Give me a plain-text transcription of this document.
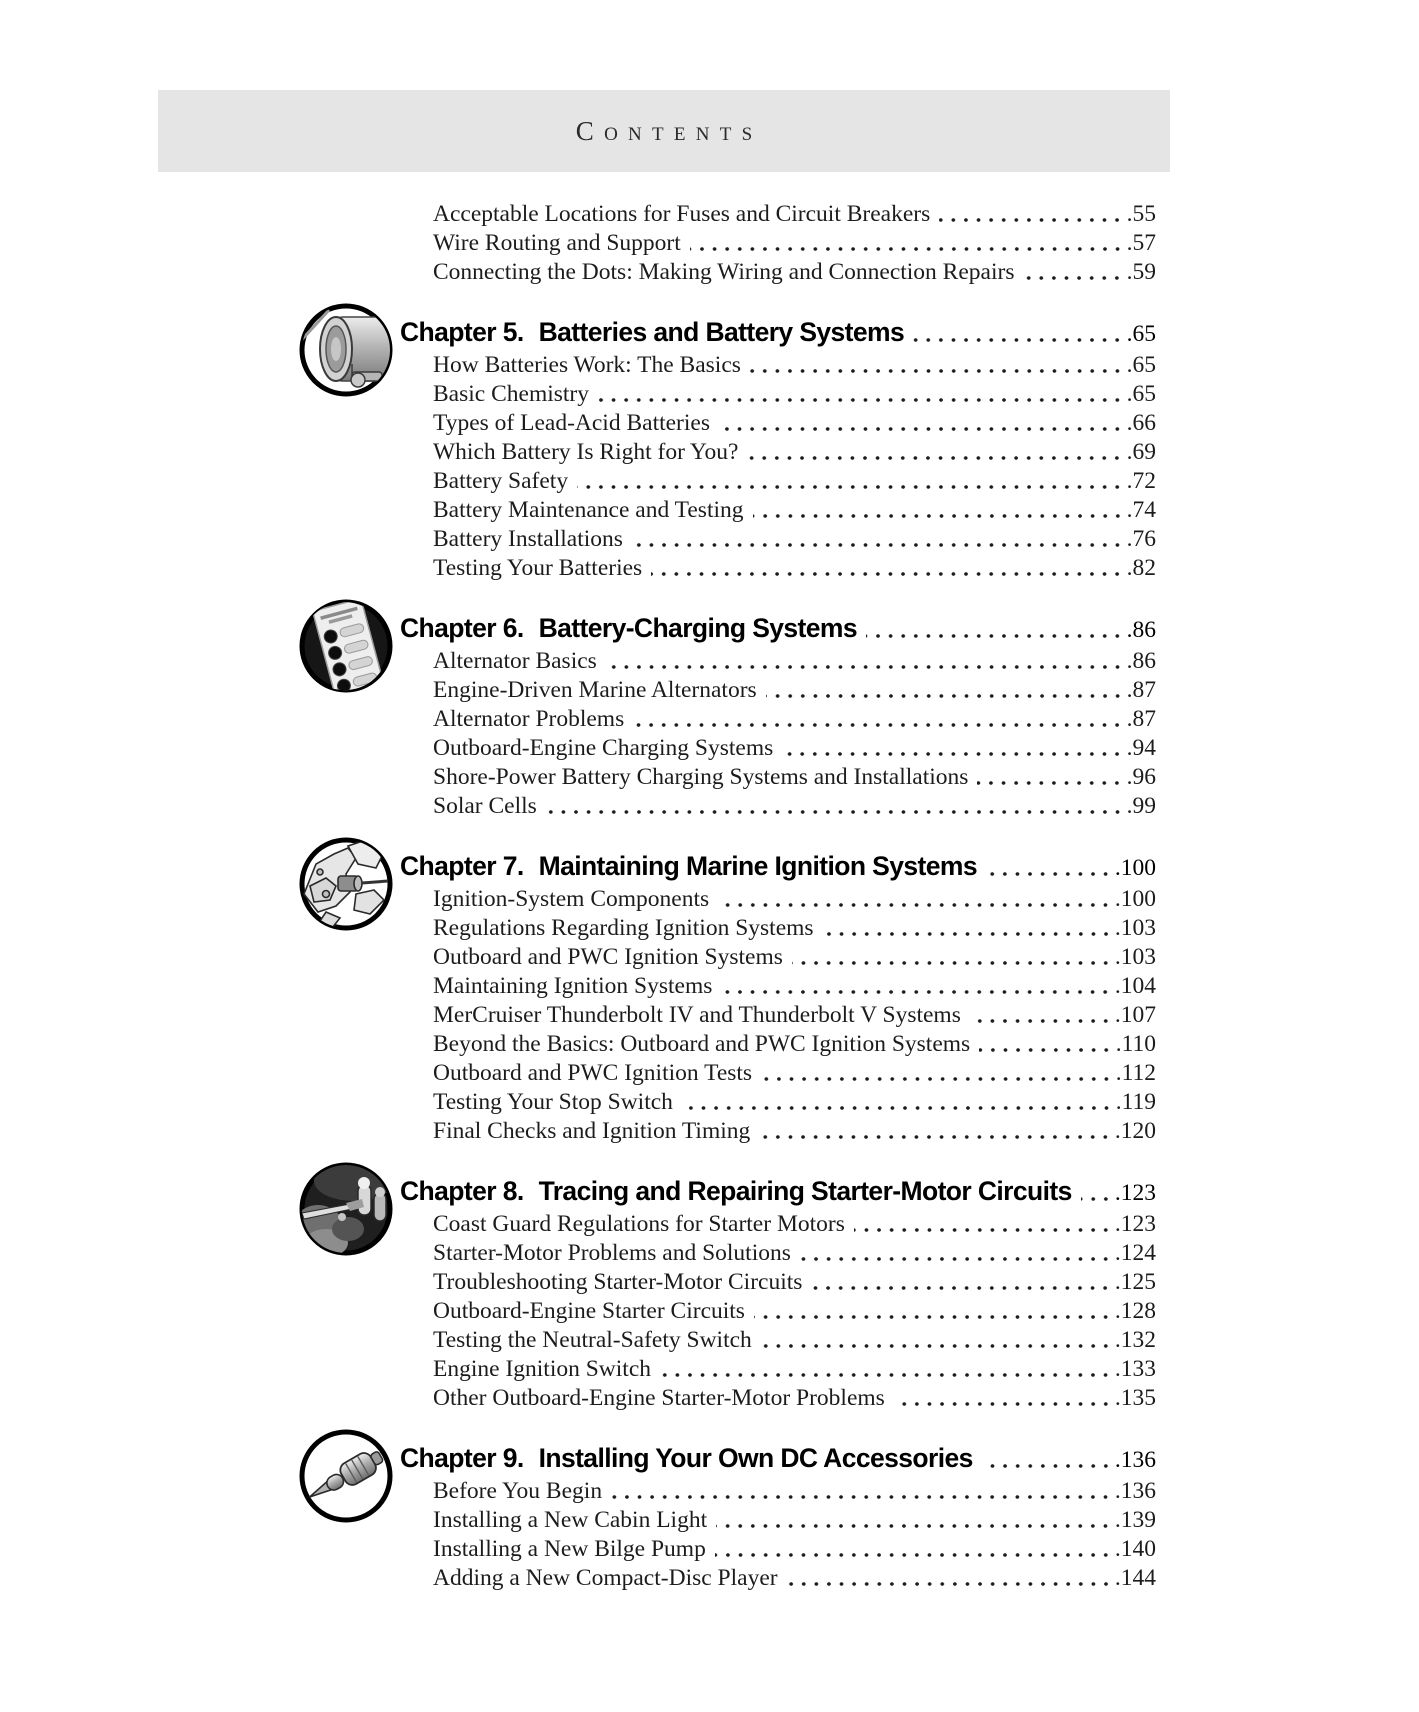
Contents
Acceptable Locations for Fuses and Circuit Breakers	. 55
Wire Routing and Support	. 57
Connecting the Dots: Making Wiring and Connection Repairs	. 59
Chapter 5. Batteries and Battery Systems	. 65
How Batteries Work: The Basics	. 65
Basic Chemistry	. 65
Types of Lead-Acid Batteries	. 66
Which Battery Is Right for You?	. 69
Battery Safety	. 72
Battery Maintenance and Testing	. 74
Battery Installations	. 76
Testing Your Batteries	. 82
Chapter 6. Battery-Charging Systems	. 86
Alternator Basics	. 86
Engine-Driven Marine Alternators	. 87
Alternator Problems	. 87
Outboard-Engine Charging Systems	. 94
Shore-Power Battery Charging Systems and Installations	. 96
Solar Cells	. 99
Chapter 7. Maintaining Marine Ignition Systems	. 100
Ignition-System Components	. 100
Regulations Regarding Ignition Systems	. 103
Outboard and PWC Ignition Systems	. 103
Maintaining Ignition Systems	. 104
MerCruiser Thunderbolt IV and Thunderbolt V Systems	. 107
Beyond the Basics: Outboard and PWC Ignition Systems	. 110
Outboard and PWC Ignition Tests	. 112
Testing Your Stop Switch	. 119
Final Checks and Ignition Timing	. 120
Chapter 8. Tracing and Repairing Starter-Motor Circuits . 123
Coast Guard Regulations for Starter Motors	. 123
Starter-Motor Problems and Solutions	. 124
Troubleshooting Starter-Motor Circuits	. 125
Outboard-Engine Starter Circuits	. 128
Testing the Neutral-Safety Switch	. 132
Engine Ignition Switch	. 133
Other Outboard-Engine Starter-Motor Problems	. 135
Chapter 9. Installing Your Own DC Accessories	. 136
Before You Begin	. 136
Installing a New Cabin Light	. 139
Installing a New Bilge Pump	. 140
Adding a New Compact-Disc Player	. 144
